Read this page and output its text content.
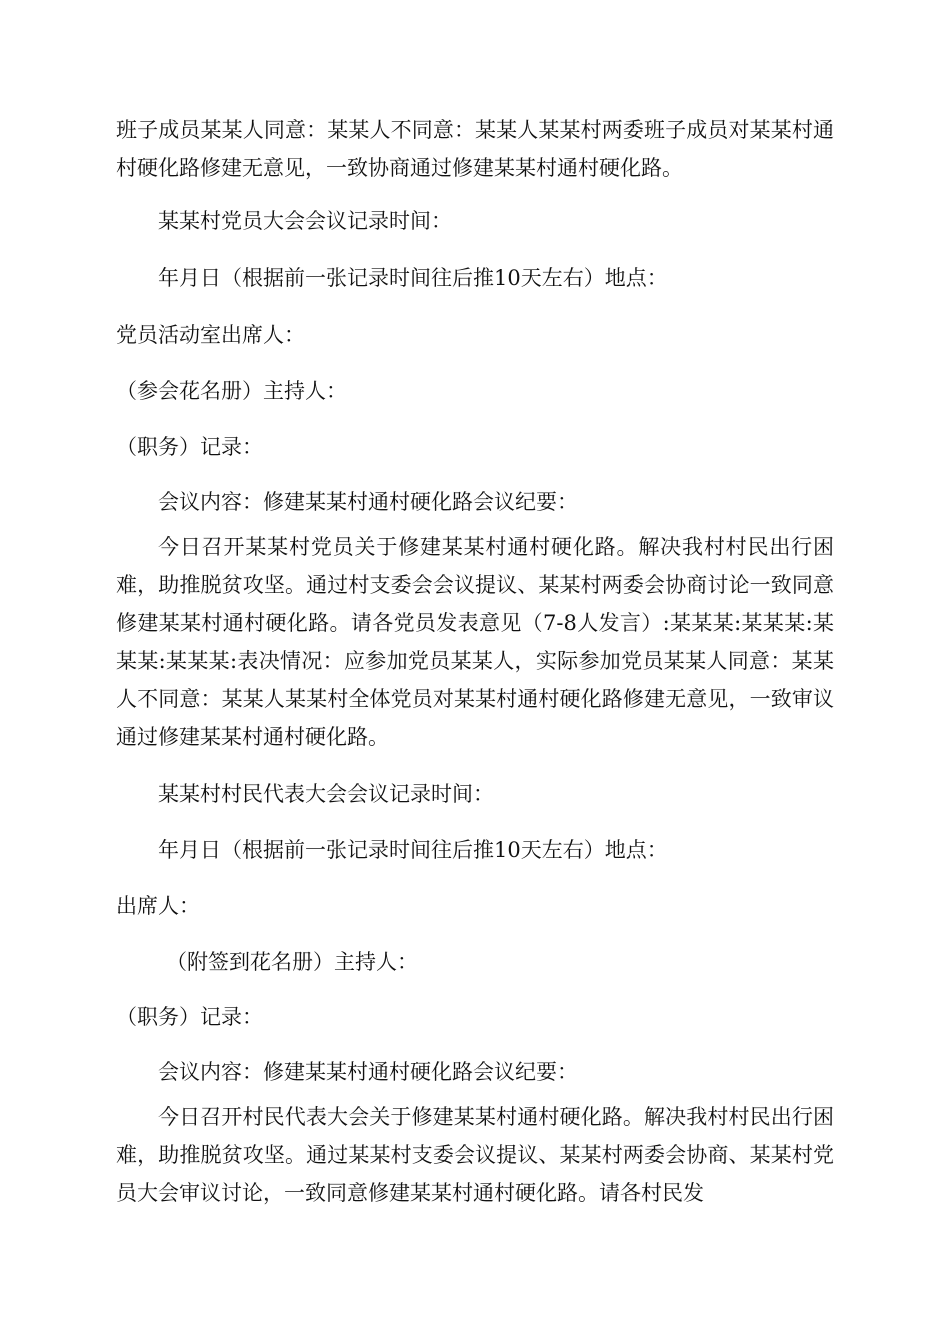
班子成员某某人同意：某某人不同意：某某人某某村两委班子成员对某某村通村硬化路修建无意见，一致协商通过修建某某村通村硬化路。

某某村党员大会会议记录时间：

年月日（根据前一张记录时间往后推10天左右）地点：

党员活动室出席人：

（参会花名册）主持人：

（职务）记录：

会议内容：修建某某村通村硬化路会议纪要：

今日召开某某村党员关于修建某某村通村硬化路。解决我村村民出行困难，助推脱贫攻坚。通过村支委会会议提议、某某村两委会协商讨论一致同意修建某某村通村硬化路。请各党员发表意见（7-8人发言）:某某某:某某某:某某某:某某某:表决情况：应参加党员某某人，实际参加党员某某人同意：某某人不同意：某某人某某村全体党员对某某村通村硬化路修建无意见，一致审议通过修建某某村通村硬化路。

某某村村民代表大会会议记录时间：

年月日（根据前一张记录时间往后推10天左右）地点：

出席人：

（附签到花名册）主持人：

（职务）记录：

会议内容：修建某某村通村硬化路会议纪要：

今日召开村民代表大会关于修建某某村通村硬化路。解决我村村民出行困难，助推脱贫攻坚。通过某某村支委会议提议、某某村两委会协商、某某村党员大会审议讨论，一致同意修建某某村通村硬化路。请各村民发
